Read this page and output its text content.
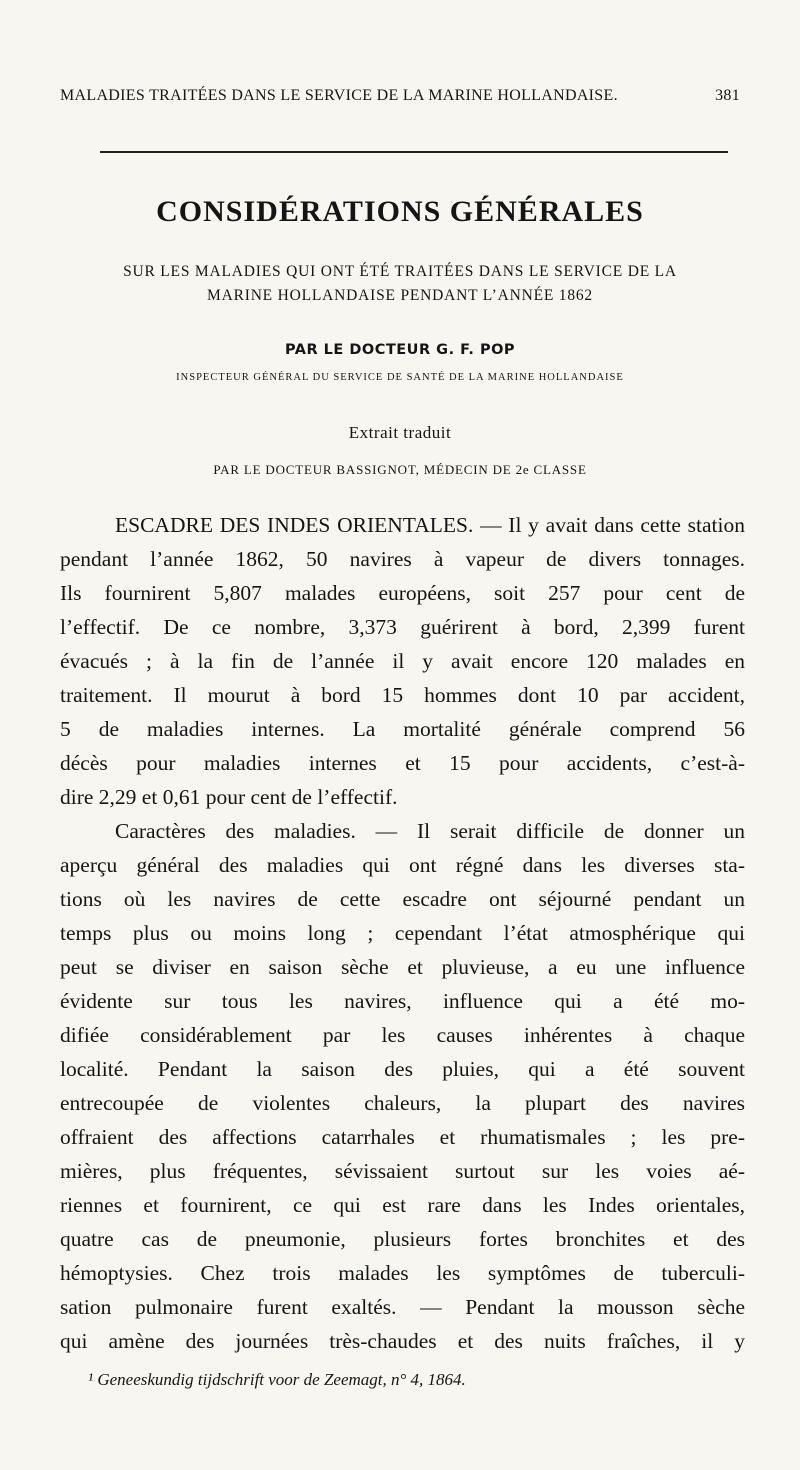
MALADIES TRAITÉES DANS LE SERVICE DE LA MARINE HOLLANDAISE.	381
CONSIDÉRATIONS GÉNÉRALES
SUR LES MALADIES QUI ONT ÉTÉ TRAITÉES DANS LE SERVICE DE LA
MARINE HOLLANDAISE PENDANT L’ANNÉE 1862
PAR LE DOCTEUR G. F. POP
INSPECTEUR GÉNÉRAL DU SERVICE DE SANTÉ DE LA MARINE HOLLANDAISE
Extrait traduit
PAR LE DOCTEUR BASSIGNOT, MÉDECIN DE 2e CLASSE
ESCADRE DES INDES ORIENTALES. — Il y avait dans cette station
pendant l’année 1862, 50 navires à vapeur de divers tonnages.
Ils fournirent 5,807 malades européens, soit 257 pour cent de
l’effectif. De ce nombre, 3,373 guérirent à bord, 2,399 furent
évacués ; à la fin de l’année il y avait encore 120 malades en
traitement. Il mourut à bord 15 hommes dont 10 par accident,
5 de maladies internes. La mortalité générale comprend 56
décès pour maladies internes et 15 pour accidents, c’est-à-
dire 2,29 et 0,61 pour cent de l’effectif.
Caractères des maladies. — Il serait difficile de donner un
aperçu général des maladies qui ont régné dans les diverses sta-
tions où les navires de cette escadre ont séjourné pendant un
temps plus ou moins long ; cependant l’état atmosphérique qui
peut se diviser en saison sèche et pluvieuse, a eu une influence
évidente sur tous les navires, influence qui a été mo-
difiée considérablement par les causes inhérentes à chaque
localité. Pendant la saison des pluies, qui a été souvent
entrecoupée de violentes chaleurs, la plupart des navires
offraient des affections catarrhales et rhumatismales ; les pre-
mières, plus fréquentes, sévissaient surtout sur les voies aé-
riennes et fournirent, ce qui est rare dans les Indes orientales,
quatre cas de pneumonie, plusieurs fortes bronchites et des
hémoptysies. Chez trois malades les symptômes de tuberculi-
sation pulmonaire furent exaltés. — Pendant la mousson sèche
qui amène des journées très-chaudes et des nuits fraîches, il y
¹ Geneeskundig tijdschrift voor de Zeemagt, n° 4, 1864.
